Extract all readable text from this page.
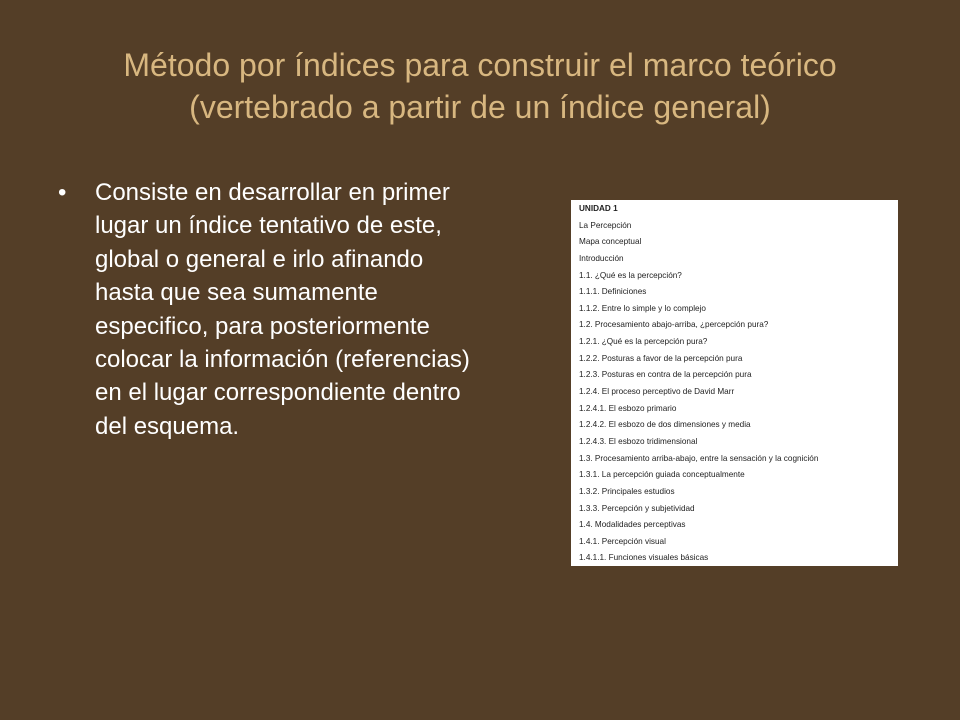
Método por índices para construir el marco teórico
(vertebrado a partir de un índice general)
• Consiste en desarrollar en primer lugar un índice tentativo de este, global o general e irlo afinando hasta que sea sumamente especifico, para posteriormente colocar la información (referencias) en el lugar correspondiente dentro del esquema.
UNIDAD 1
La Percepción
Mapa conceptual
Introducción
1.1. ¿Qué es la percepción?
1.1.1. Definiciones
1.1.2. Entre lo simple y lo complejo
1.2. Procesamiento abajo-arriba, ¿percepción pura?
1.2.1. ¿Qué es la percepción pura?
1.2.2. Posturas a favor de la percepción pura
1.2.3. Posturas en contra de la percepción pura
1.2.4. El proceso perceptivo de David Marr
1.2.4.1. El esbozo primario
1.2.4.2. El esbozo de dos dimensiones y media
1.2.4.3. El esbozo tridimensional
1.3. Procesamiento arriba-abajo, entre la sensación y la cognición
1.3.1. La percepción guiada conceptualmente
1.3.2. Principales estudios
1.3.3. Percepción y subjetividad
1.4. Modalidades perceptivas
1.4.1. Percepción visual
1.4.1.1. Funciones visuales básicas
